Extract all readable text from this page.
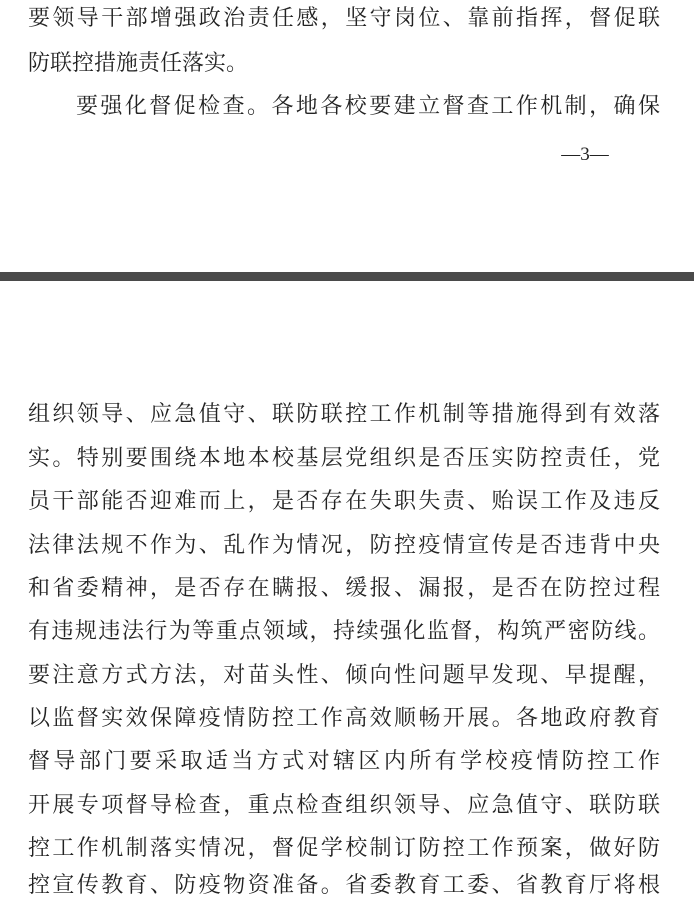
要领导干部增强政治责任感，坚守岗位、靠前指挥，督促联
防联控措施责任落实。
要强化督促检查。各地各校要建立督查工作机制，确保
—3—
组织领导、应急值守、联防联控工作机制等措施得到有效落
实。特别要围绕本地本校基层党组织是否压实防控责任，党
员干部能否迎难而上，是否存在失职失责、贻误工作及违反
法律法规不作为、乱作为情况，防控疫情宣传是否违背中央
和省委精神，是否存在瞒报、缓报、漏报，是否在防控过程
有违规违法行为等重点领域，持续强化监督，构筑严密防线。
要注意方式方法，对苗头性、倾向性问题早发现、早提醒，
以监督实效保障疫情防控工作高效顺畅开展。各地政府教育
督导部门要采取适当方式对辖区内所有学校疫情防控工作
开展专项督导检查，重点检查组织领导、应急值守、联防联
控工作机制落实情况，督促学校制订防控工作预案，做好防
控宣传教育、防疫物资准备。省委教育工委、省教育厅将根
